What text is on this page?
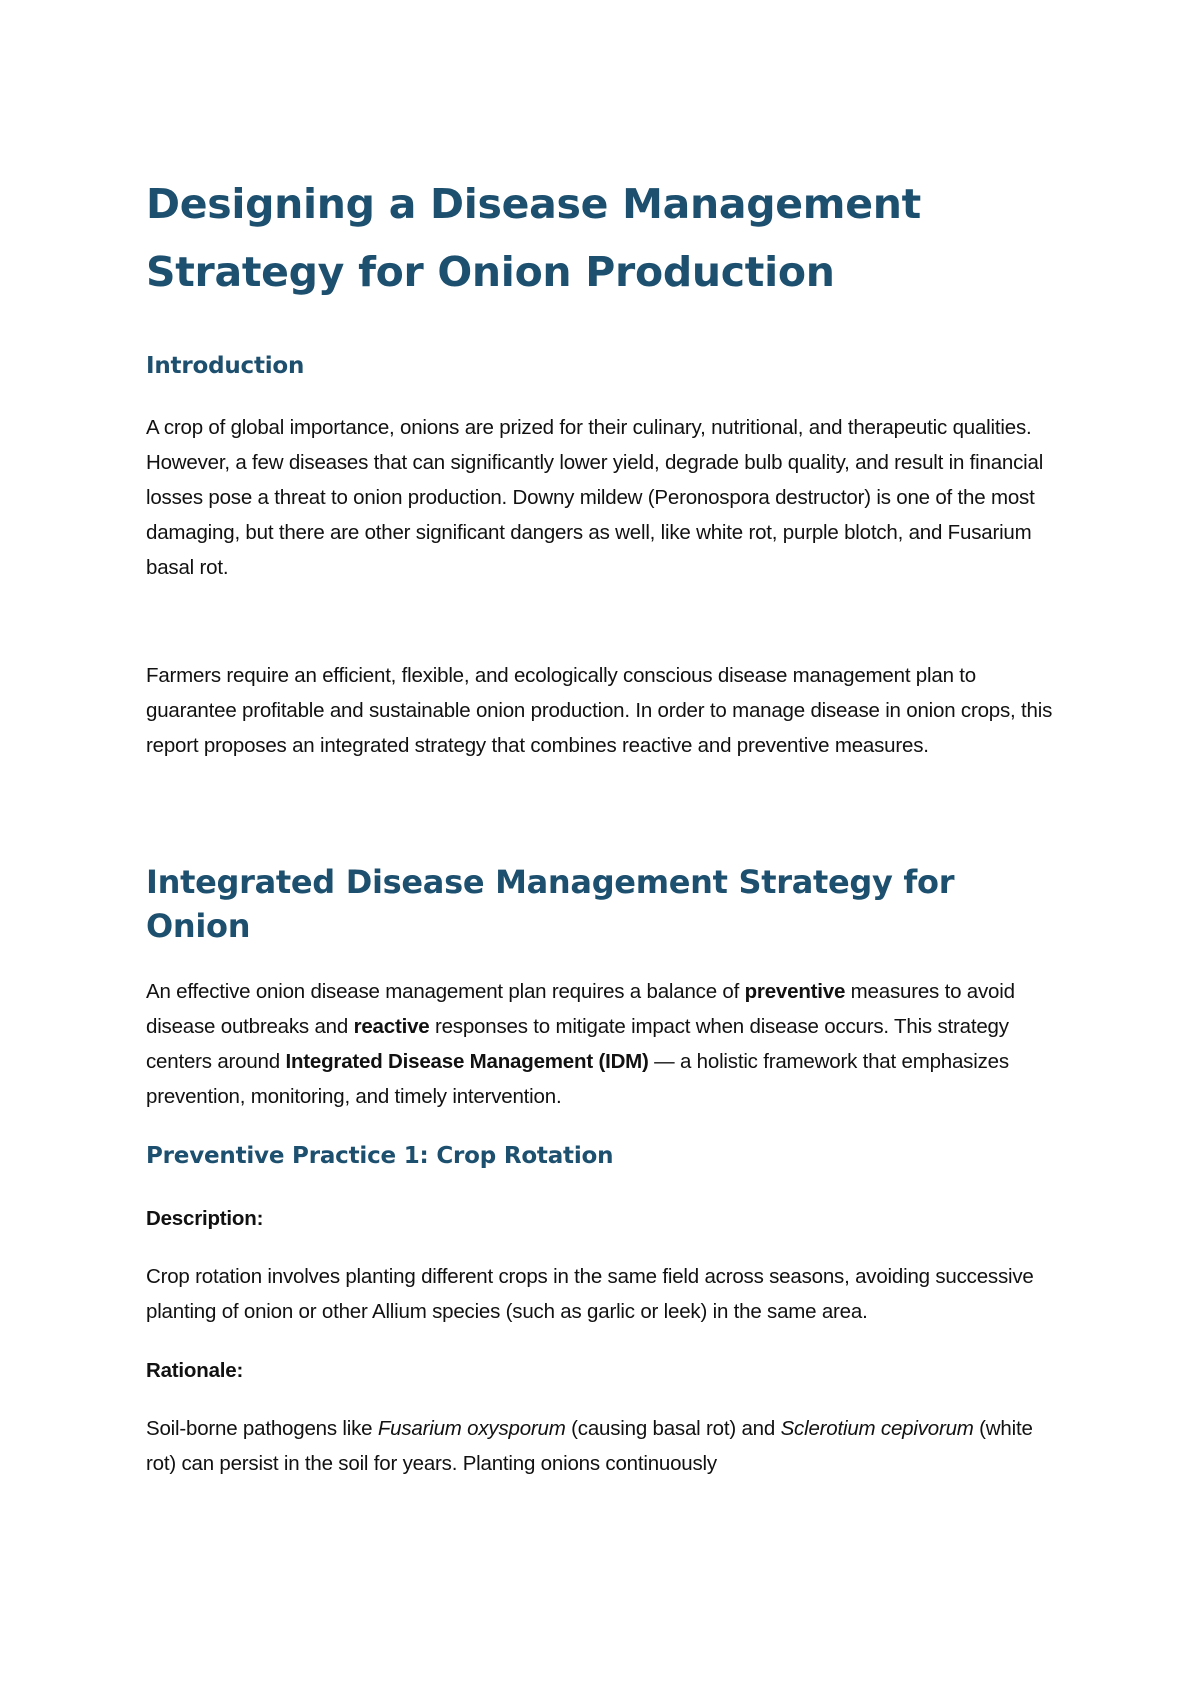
Designing a Disease Management
Strategy for Onion Production
Introduction

A crop of global importance, onions are prized for their culinary, nutritional, and therapeutic qualities. However, a few diseases that can significantly lower yield, degrade bulb quality, and result in financial losses pose a threat to onion production. Downy mildew (Peronospora destructor) is one of the most damaging, but there are other significant dangers as well, like white rot, purple blotch, and Fusarium basal rot.

Farmers require an efficient, flexible, and ecologically conscious disease management plan to guarantee profitable and sustainable onion production. In order to manage disease in onion crops, this report proposes an integrated strategy that combines reactive and preventive measures.

Integrated Disease Management Strategy for Onion

An effective onion disease management plan requires a balance of preventive measures to avoid disease outbreaks and reactive responses to mitigate impact when disease occurs. This strategy centers around Integrated Disease Management (IDM) — a holistic framework that emphasizes prevention, monitoring, and timely intervention.

Preventive Practice 1: Crop Rotation

Description:

Crop rotation involves planting different crops in the same field across seasons, avoiding successive planting of onion or other Allium species (such as garlic or leek) in the same area.

Rationale:

Soil-borne pathogens like Fusarium oxysporum (causing basal rot) and Sclerotium cepivorum (white rot) can persist in the soil for years. Planting onions continuously
